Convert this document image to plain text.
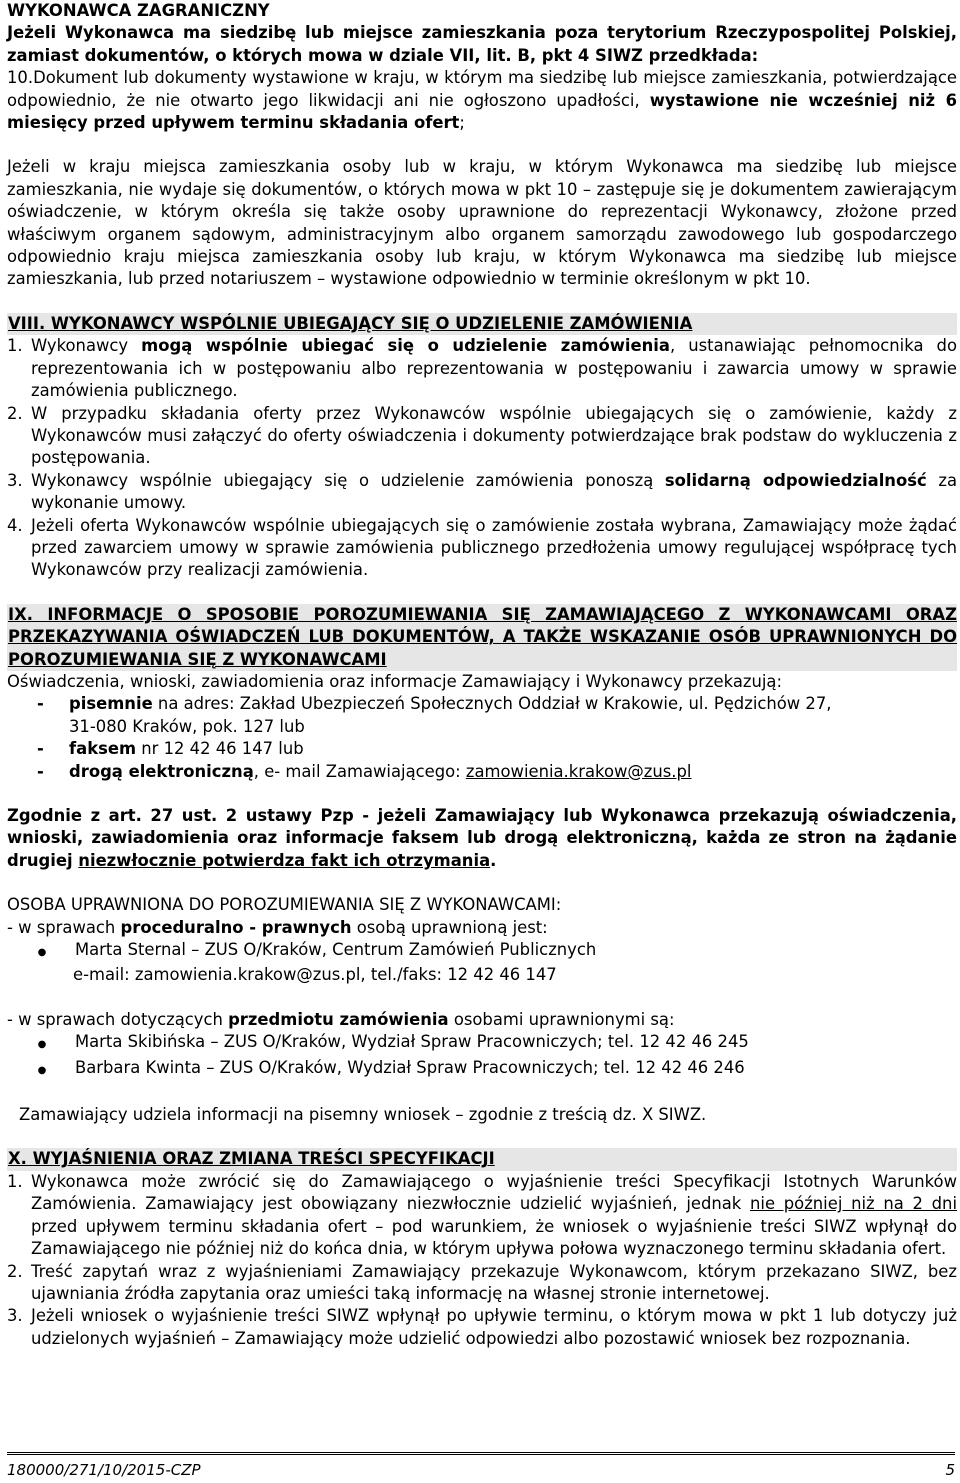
WYKONAWCA ZAGRANICZNY

Jeżeli Wykonawca ma siedzibę lub miejsce zamieszkania poza terytorium Rzeczypospolitej Polskiej, zamiast dokumentów, o których mowa w dziale VII, lit. B, pkt 4 SIWZ przedkłada:

10.Dokument lub dokumenty wystawione w kraju, w którym ma siedzibę lub miejsce zamieszkania, potwierdzające odpowiednio, że nie otwarto jego likwidacji ani nie ogłoszono upadłości, wystawione nie wcześniej niż 6 miesięcy przed upływem terminu składania ofert;

Jeżeli w kraju miejsca zamieszkania osoby lub w kraju, w którym Wykonawca ma siedzibę lub miejsce zamieszkania, nie wydaje się dokumentów, o których mowa w pkt 10 – zastępuje się je dokumentem zawierającym oświadczenie, w którym określa się także osoby uprawnione do reprezentacji Wykonawcy, złożone przed właściwym organem sądowym, administracyjnym albo organem samorządu zawodowego lub gospodarczego odpowiednio kraju miejsca zamieszkania osoby lub kraju, w którym Wykonawca ma siedzibę lub miejsce zamieszkania, lub przed notariuszem – wystawione odpowiednio w terminie określonym w pkt 10.

VIII. WYKONAWCY WSPÓLNIE UBIEGAJĄCY SIĘ O UDZIELENIE ZAMÓWIENIA

1. Wykonawcy mogą wspólnie ubiegać się o udzielenie zamówienia, ustanawiając pełnomocnika do reprezentowania ich w postępowaniu albo reprezentowania w postępowaniu i zawarcia umowy w sprawie zamówienia publicznego.
2. W przypadku składania oferty przez Wykonawców wspólnie ubiegających się o zamówienie, każdy z Wykonawców musi załączyć do oferty oświadczenia i dokumenty potwierdzające brak podstaw do wykluczenia z postępowania.
3. Wykonawcy wspólnie ubiegający się o udzielenie zamówienia ponoszą solidarną odpowiedzialność za wykonanie umowy.
4. Jeżeli oferta Wykonawców wspólnie ubiegających się o zamówienie została wybrana, Zamawiający może żądać przed zawarciem umowy w sprawie zamówienia publicznego przedłożenia umowy regulującej współpracę tych Wykonawców przy realizacji zamówienia.

IX. INFORMACJE O SPOSOBIE POROZUMIEWANIA SIĘ ZAMAWIAJĄCEGO Z WYKONAWCAMI ORAZ PRZEKAZYWANIA OŚWIADCZEŃ LUB DOKUMENTÓW, A TAKŻE WSKAZANIE OSÓB UPRAWNIONYCH DO POROZUMIEWANIA SIĘ Z WYKONAWCAMI

Oświadczenia, wnioski, zawiadomienia oraz informacje Zamawiający i Wykonawcy przekazują:

-	pisemnie na adres: Zakład Ubezpieczeń Społecznych Oddział w Krakowie, ul. Pędzichów 27,

31-080 Kraków, pok. 127 lub

-	faksem nr 12 42 46 147 lub
-	drogą elektroniczną, e- mail Zamawiającego: zamowienia.krakow@zus.pl

Zgodnie z art. 27 ust. 2 ustawy Pzp - jeżeli Zamawiający lub Wykonawca przekazują oświadczenia, wnioski, zawiadomienia oraz informacje faksem lub drogą elektroniczną, każda ze stron na żądanie drugiej niezwłocznie potwierdza fakt ich otrzymania.

OSOBA UPRAWNIONA DO POROZUMIEWANIA SIĘ Z WYKONAWCAMI:

- w sprawach proceduralno - prawnych osobą uprawnioną jest:

●	Marta Sternal – ZUS O/Kraków, Centrum Zamówień Publicznych

e-mail: zamowienia.krakow@zus.pl, tel./faks: 12 42 46 147

- w sprawach dotyczących przedmiotu zamówienia osobami uprawnionymi są:

●	Marta Skibińska – ZUS O/Kraków, Wydział Spraw Pracowniczych; tel. 12 42 46 245
●	Barbara Kwinta – ZUS O/Kraków, Wydział Spraw Pracowniczych; tel. 12 42 46 246

Zamawiający udziela informacji na pisemny wniosek – zgodnie z treścią dz. X SIWZ.

X. WYJAŚNIENIA ORAZ ZMIANA TREŚCI SPECYFIKACJI

1. Wykonawca może zwrócić się do Zamawiającego o wyjaśnienie treści Specyfikacji Istotnych Warunków Zamówienia. Zamawiający jest obowiązany niezwłocznie udzielić wyjaśnień, jednak nie później niż na 2 dni przed upływem terminu składania ofert – pod warunkiem, że wniosek o wyjaśnienie treści SIWZ wpłynął do Zamawiającego nie później niż do końca dnia, w którym upływa połowa wyznaczonego terminu składania ofert.
2. Treść zapytań wraz z wyjaśnieniami Zamawiający przekazuje Wykonawcom, którym przekazano SIWZ, bez ujawniania źródła zapytania oraz umieści taką informację na własnej stronie internetowej.
3. Jeżeli wniosek o wyjaśnienie treści SIWZ wpłynął po upływie terminu, o którym mowa w pkt 1 lub dotyczy już udzielonych wyjaśnień – Zamawiający może udzielić odpowiedzi albo pozostawić wniosek bez rozpoznania.
180000/271/10/2015-CZP	5
